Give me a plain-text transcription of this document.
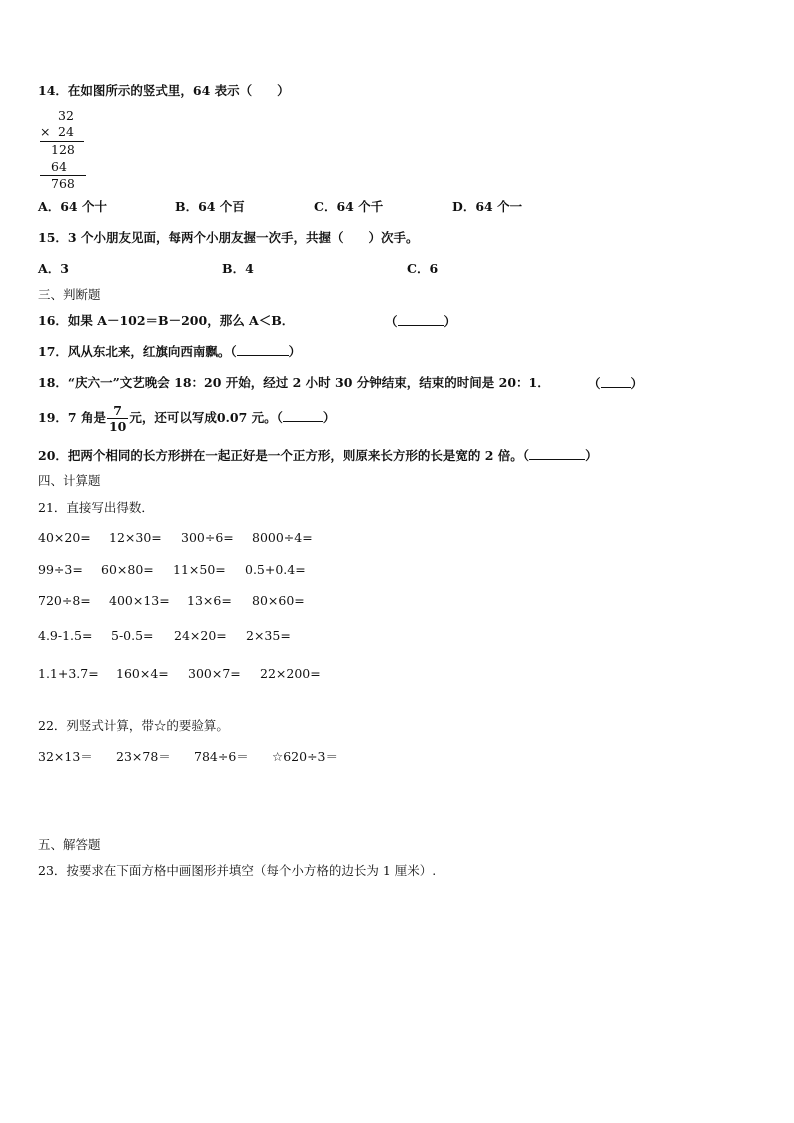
14．在如图所示的竖式里，64 表示（　　）
32
× 24
128
64
768
A．64 个十	B．64 个百	C．64 个千	D．64 个一
15．3 个小朋友见面，每两个小朋友握一次手，共握（　　）次手。
A．3	B．4	C．6
三、判断题
16．如果 A－102＝B－200，那么 A＜B．	（	）
17．风从东北来，红旗向西南飘。（	）
18．“庆六一”文艺晚会 18：20 开始，经过 2 小时 30 分钟结束，结束的时间是 20：1．	（ ）
19．7 角是 $\frac{7}{10}$ 元，还可以写成0.07 元。（	）
20．把两个相同的长方形拼在一起正好是一个正方形，则原来长方形的长是宽的 2 倍。（	）
四、计算题
21．直接写出得数．
40×20= 12×30= 300÷6= 8000÷4=
99÷3= 60×80= 11×50= 0.5+0.4=
720÷8= 400×13= 13×6= 80×60=
4.9-1.5= 5-0.5= 24×20= 2×35=
1.1+3.7= 160×4= 300×7= 22×200=
22．列竖式计算，带☆的要验算。
32×13＝ 23×78＝ 784÷6＝ ☆620÷3＝
五、解答题
23．按要求在下面方格中画图形并填空（每个小方格的边长为 1 厘米）.
